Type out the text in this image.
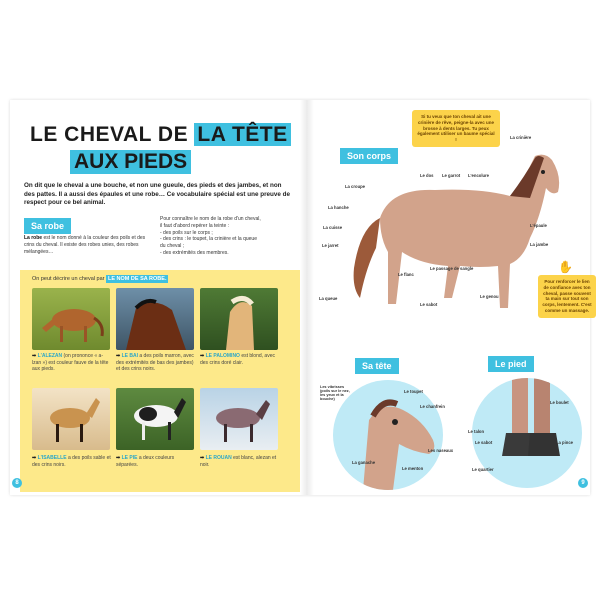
LE CHEVAL DE LA TÊTE
AUX PIEDS
On dit que le cheval a une bouche, et non une gueule, des pieds et des jambes, et non des pattes. Il a aussi des épaules et une robe… Ce vocabulaire spécial est une preuve de respect pour ce bel animal.
Sa robe
La robe est le nom donné à la couleur des poils et des crins du cheval. Il existe des robes unies, des robes mélangées…
Pour connaître le nom de la robe d'un cheval,
il faut d'abord repérer la teinte :
- des poils sur le corps ;
- des crins : le toupet, la crinière et la queue
du cheval ;
- des extrémités des membres.
On peut décrire un cheval par LE NOM DE SA ROBE.
➡ L'ALEZAN (on prononce « a-lzan ») est couleur fauve de la tête aux pieds.
➡ LE BAI a des poils marron, avec des extrémités de bas des jambes) et des crins noirs.
➡ LE PALOMINO est blond, avec des crins doré clair.
➡ L'ISABELLE a des poils sable et des crins noirs.
➡ LE PIE a deux couleurs séparées.
➡ LE ROUAN est blanc, alezan et noir.
8
Si tu veux que ton cheval ait une crinière de rêve, peigne-la avec une brosse à dents larges. Tu peux également utiliser un baume spécial !
Son corps
La crinière
Le dos Le garrot L'encolure
La croupe
La hanche
La cuisse
Le jarret
La queue
Le flanc
Le passage de sangle
Le sabot
Le genou
L'épaule
La jambe
Pour renforcer le lien de confiance avec ton cheval, passe souvent ta main sur tout son corps, lentement. C'est comme un massage.
✋
Sa tête
Les vibrisses (poils sur le nez, les yeux et la bouche)
Le toupet
Le chanfrein
Les naseaux
La ganache
Le menton
Le pied
Le boulet
Le talon
Le sabot	La pince
Le quartier
9
